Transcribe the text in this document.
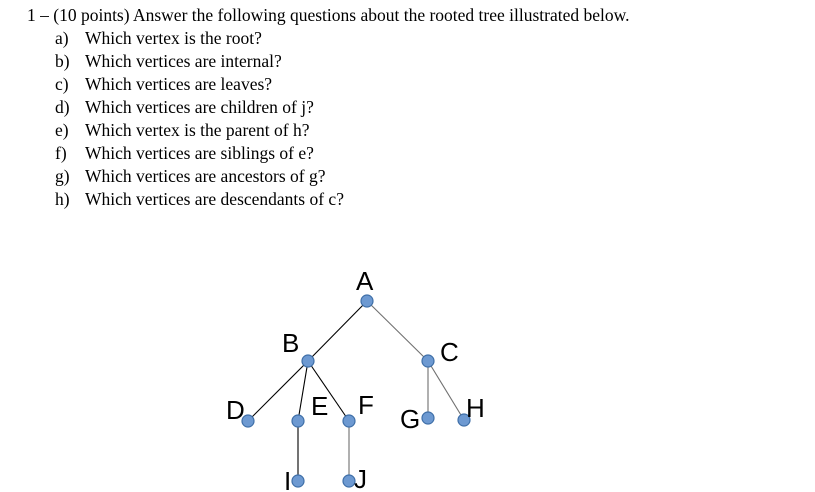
1 – (10 points) Answer the following questions about the rooted tree illustrated below.
a) Which vertex is the root?
b) Which vertices are internal?
c) Which vertices are leaves?
d) Which vertices are children of j?
e) Which vertex is the parent of h?
f) Which vertices are siblings of e?
g) Which vertices are ancestors of g?
h) Which vertices are descendants of c?
A
B	C
D	E F G H
I J
